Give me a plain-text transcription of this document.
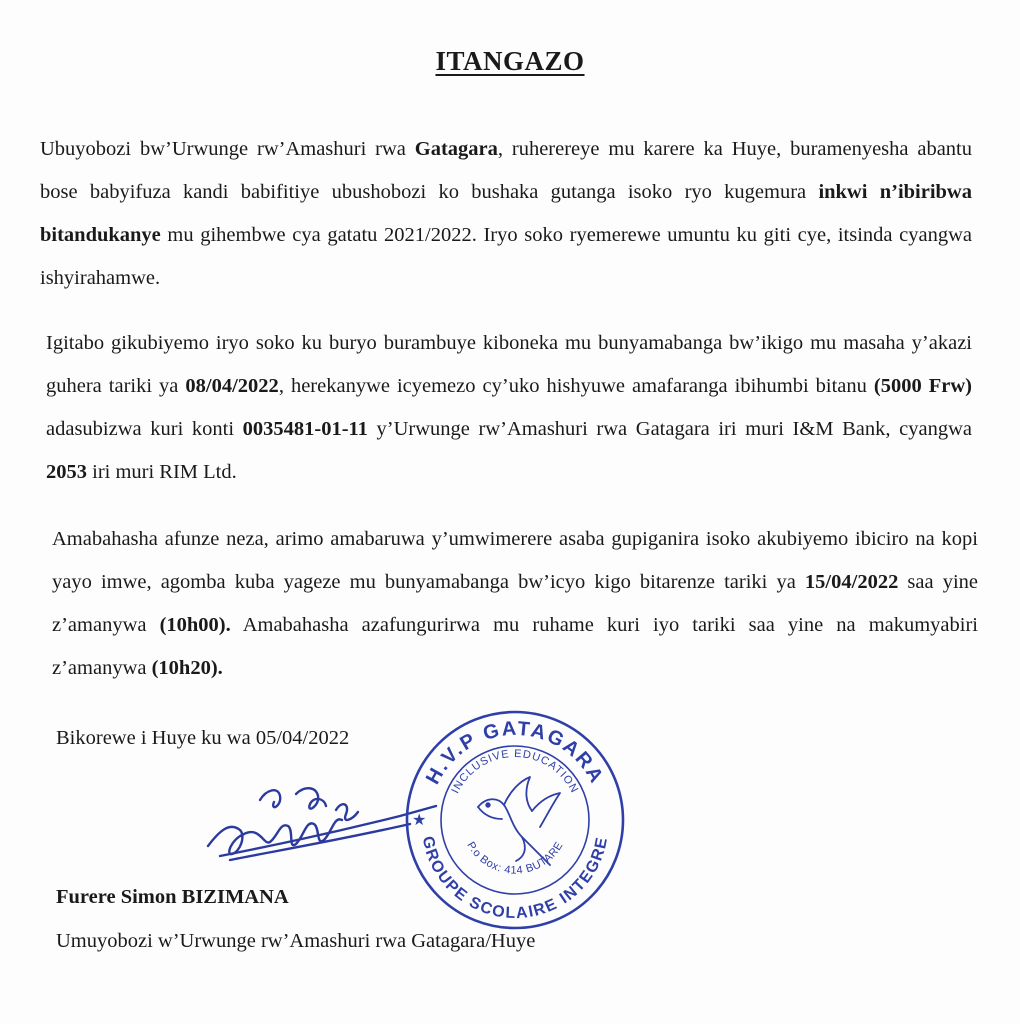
ITANGAZO
Ubuyobozi bw’Urwunge rw’Amashuri rwa Gatagara, ruherereye mu karere ka Huye, buramenyesha abantu bose babyifuza kandi babifitiye ubushobozi ko bushaka gutanga isoko ryo kugemura inkwi n’ibiribwa bitandukanye mu gihembwe cya gatatu 2021/2022. Iryo soko ryemerewe umuntu ku giti cye, itsinda cyangwa ishyirahamwe.
Igitabo gikubiyemo iryo soko ku buryo burambuye kiboneka mu bunyamabanga bw’ikigo mu masaha y’akazi guhera tariki ya 08/04/2022, herekanywe icyemezo cy’uko hishyuwe amafaranga ibihumbi bitanu (5000 Frw) adasubizwa kuri konti 0035481-01-11 y’Urwunge rw’Amashuri rwa Gatagara iri muri I&M Bank, cyangwa 2053 iri muri RIM Ltd.
Amabahasha afunze neza, arimo amabaruwa y’umwimerere asaba gupiganira isoko akubiyemo ibiciro na kopi yayo imwe, agomba kuba yageze mu bunyamabanga bw’icyo kigo bitarenze tariki ya 15/04/2022 saa yine z’amanywa (10h00). Amabahasha azafungurirwa mu ruhame kuri iyo tariki saa yine na makumyabiri z’amanywa (10h20).
Bikorewe i Huye ku wa 05/04/2022
H.V.P GATAGARA
INCLUSIVE EDUCATION
GROUPE SCOLAIRE INTEGRE
P.o Box: 414 BUTARE
★
Furere Simon BIZIMANA
Umuyobozi w’Urwunge rw’Amashuri rwa Gatagara/Huye
